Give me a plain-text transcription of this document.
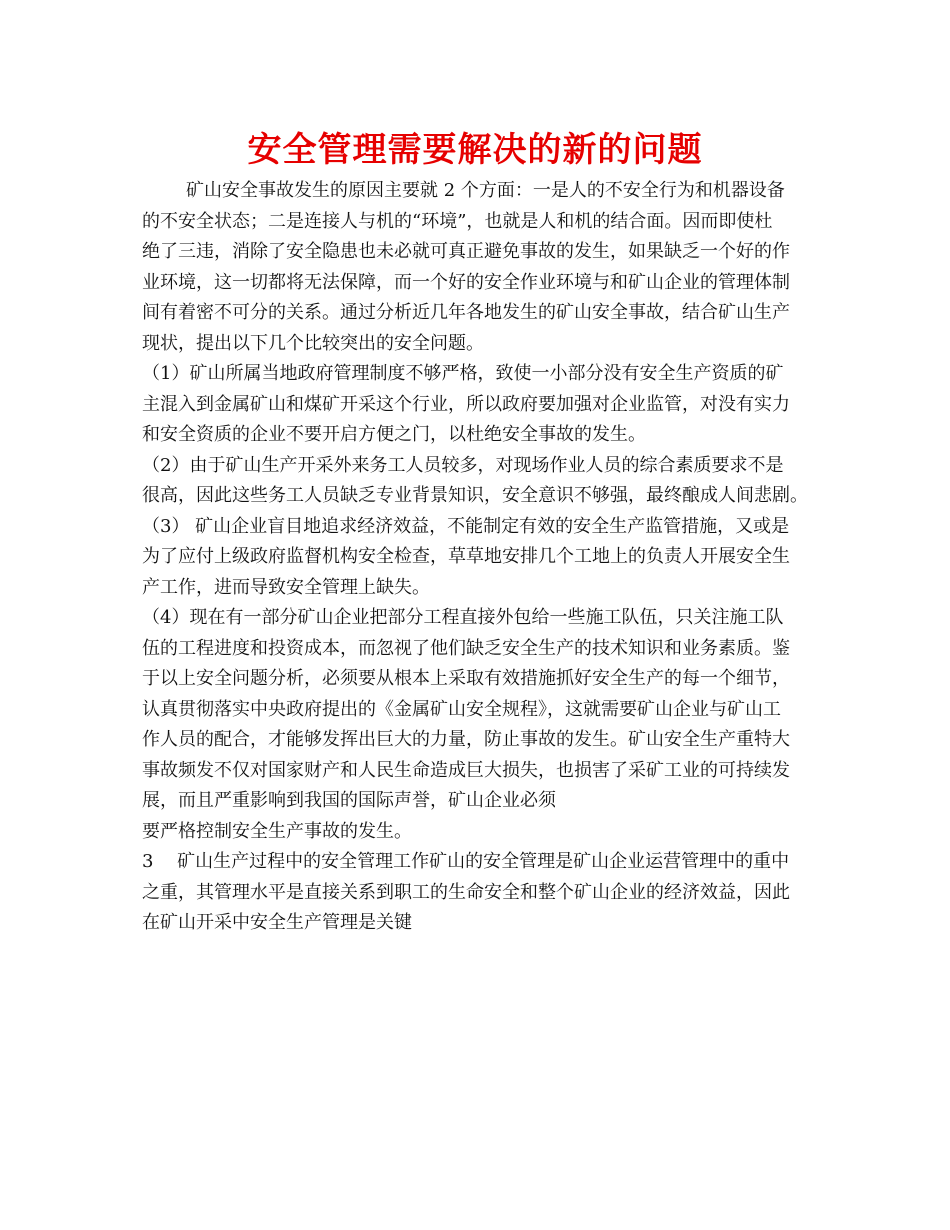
安全管理需要解决的新的问题
矿山安全事故发生的原因主要就 2 个方面：一是人的不安全行为和机器设备
的不安全状态；二是连接人与机的“环境”，也就是人和机的结合面。因而即使杜
绝了三违，消除了安全隐患也未必就可真正避免事故的发生，如果缺乏一个好的作
业环境，这一切都将无法保障，而一个好的安全作业环境与和矿山企业的管理体制
间有着密不可分的关系。通过分析近几年各地发生的矿山安全事故，结合矿山生产
现状，提出以下几个比较突出的安全问题。
（1）矿山所属当地政府管理制度不够严格，致使一小部分没有安全生产资质的矿
主混入到金属矿山和煤矿开采这个行业，所以政府要加强对企业监管，对没有实力
和安全资质的企业不要开启方便之门，以杜绝安全事故的发生。
（2）由于矿山生产开采外来务工人员较多，对现场作业人员的综合素质要求不是
很高，因此这些务工人员缺乏专业背景知识，安全意识不够强，最终酿成人间悲剧。
（3） 矿山企业盲目地追求经济效益，不能制定有效的安全生产监管措施，又或是
为了应付上级政府监督机构安全检查，草草地安排几个工地上的负责人开展安全生
产工作，进而导致安全管理上缺失。
（4）现在有一部分矿山企业把部分工程直接外包给一些施工队伍，只关注施工队
伍的工程进度和投资成本，而忽视了他们缺乏安全生产的技术知识和业务素质。鉴
于以上安全问题分析，必须要从根本上采取有效措施抓好安全生产的每一个细节，
认真贯彻落实中央政府提出的《金属矿山安全规程》，这就需要矿山企业与矿山工
作人员的配合，才能够发挥出巨大的力量，防止事故的发生。矿山安全生产重特大
事故频发不仅对国家财产和人民生命造成巨大损失，也损害了采矿工业的可持续发
展，而且严重影响到我国的国际声誉，矿山企业必须
要严格控制安全生产事故的发生。
3　 矿山生产过程中的安全管理工作矿山的安全管理是矿山企业运营管理中的重中
之重，其管理水平是直接关系到职工的生命安全和整个矿山企业的经济效益，因此
在矿山开采中安全生产管理是关键
